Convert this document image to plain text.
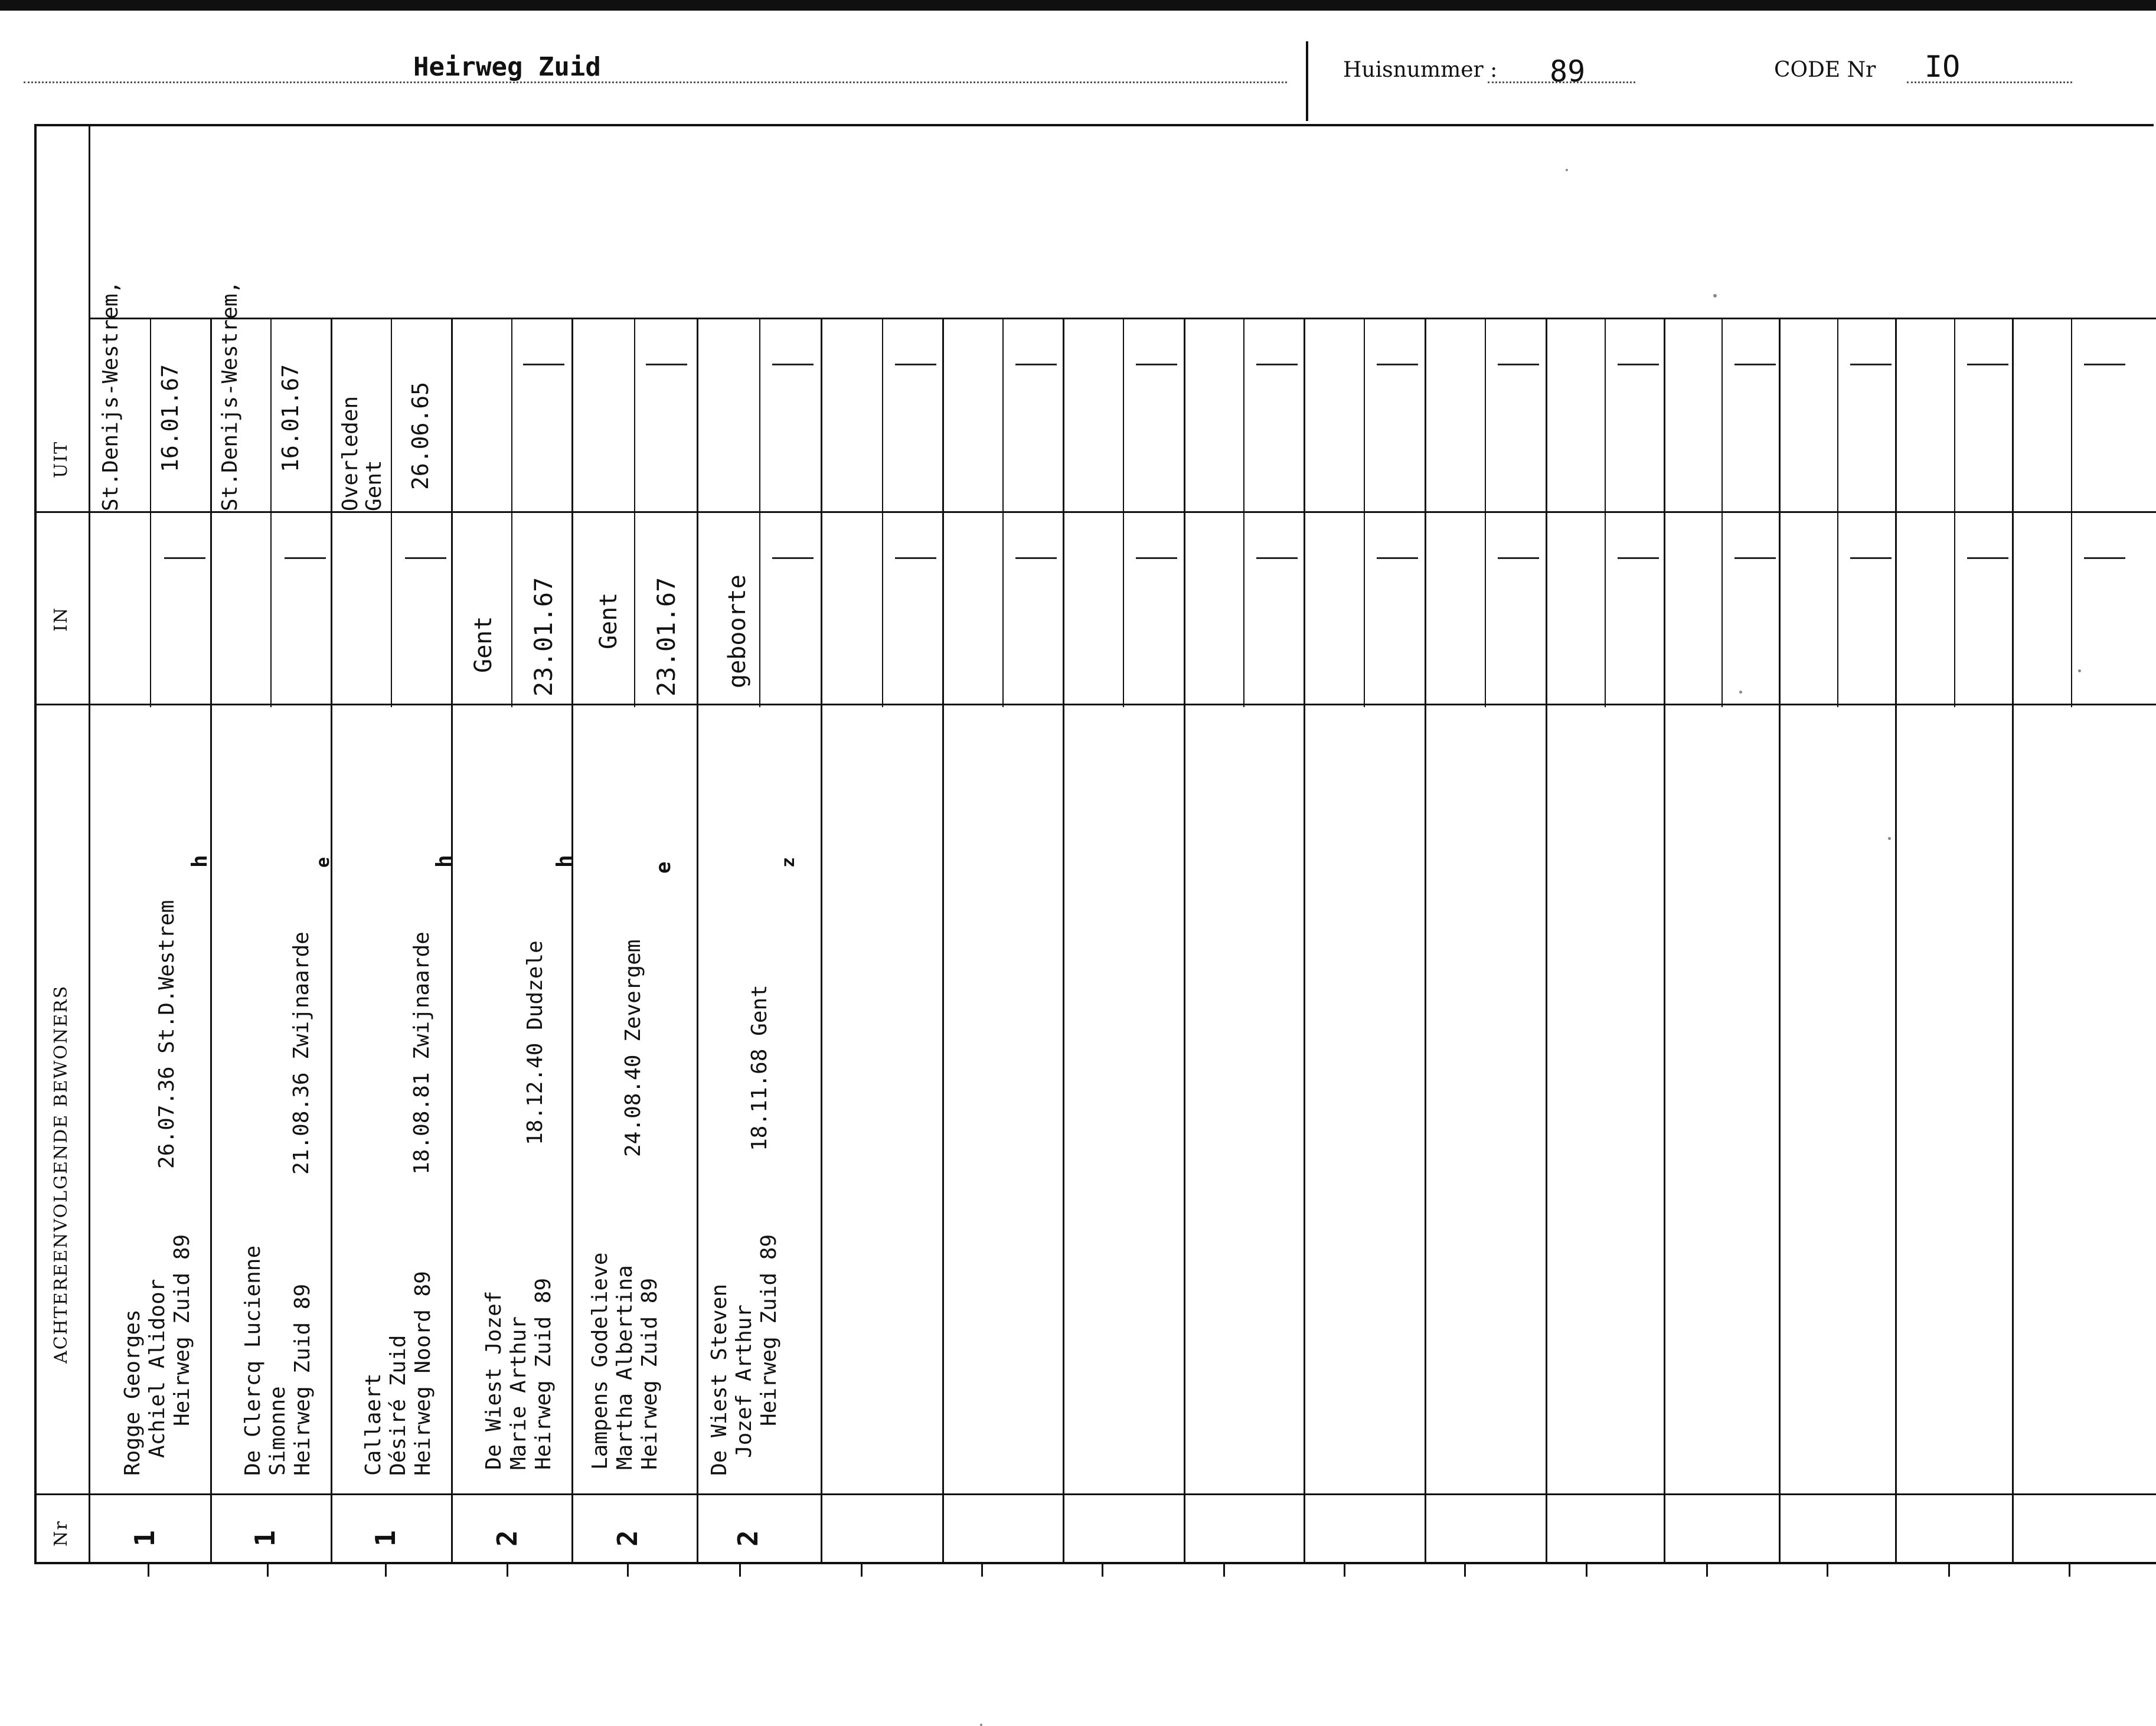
Heirweg Zuid	Huisnummer : 89	CODE Nr IO
UIT
IN
ACHTEREENVOLGENDE BEWONERS
Nr 1
Rogge Georges Achiel Alidoor Heirweg Zuid 89
26.07.36 St.D.Westrem
h
St.Denijs-Westrem, 16.01.67
1
De Clercq Lucienne Simonne Heirweg Zuid 89
21.08.36 Zwijnaarde
e
St.Denijs-Westrem, 16.01.67
1
Callaert Désiré Zuid Heirweg Noord 89
18.08.81 Zwijnaarde
h
Overleden Gent 26.06.65
2
De Wiest Jozef Marie Arthur Heirweg Zuid 89
18.12.40 Dudzele
h
Gent 23.01.67
2
Lampens Godelieve Martha Albertina Heirweg Zuid 89
24.08.40 Zevergem
e
Gent 23.01.67
2
De Wiest Steven Jozef Arthur Heirweg Zuid 89
18.11.68 Gent
z
geboorte
